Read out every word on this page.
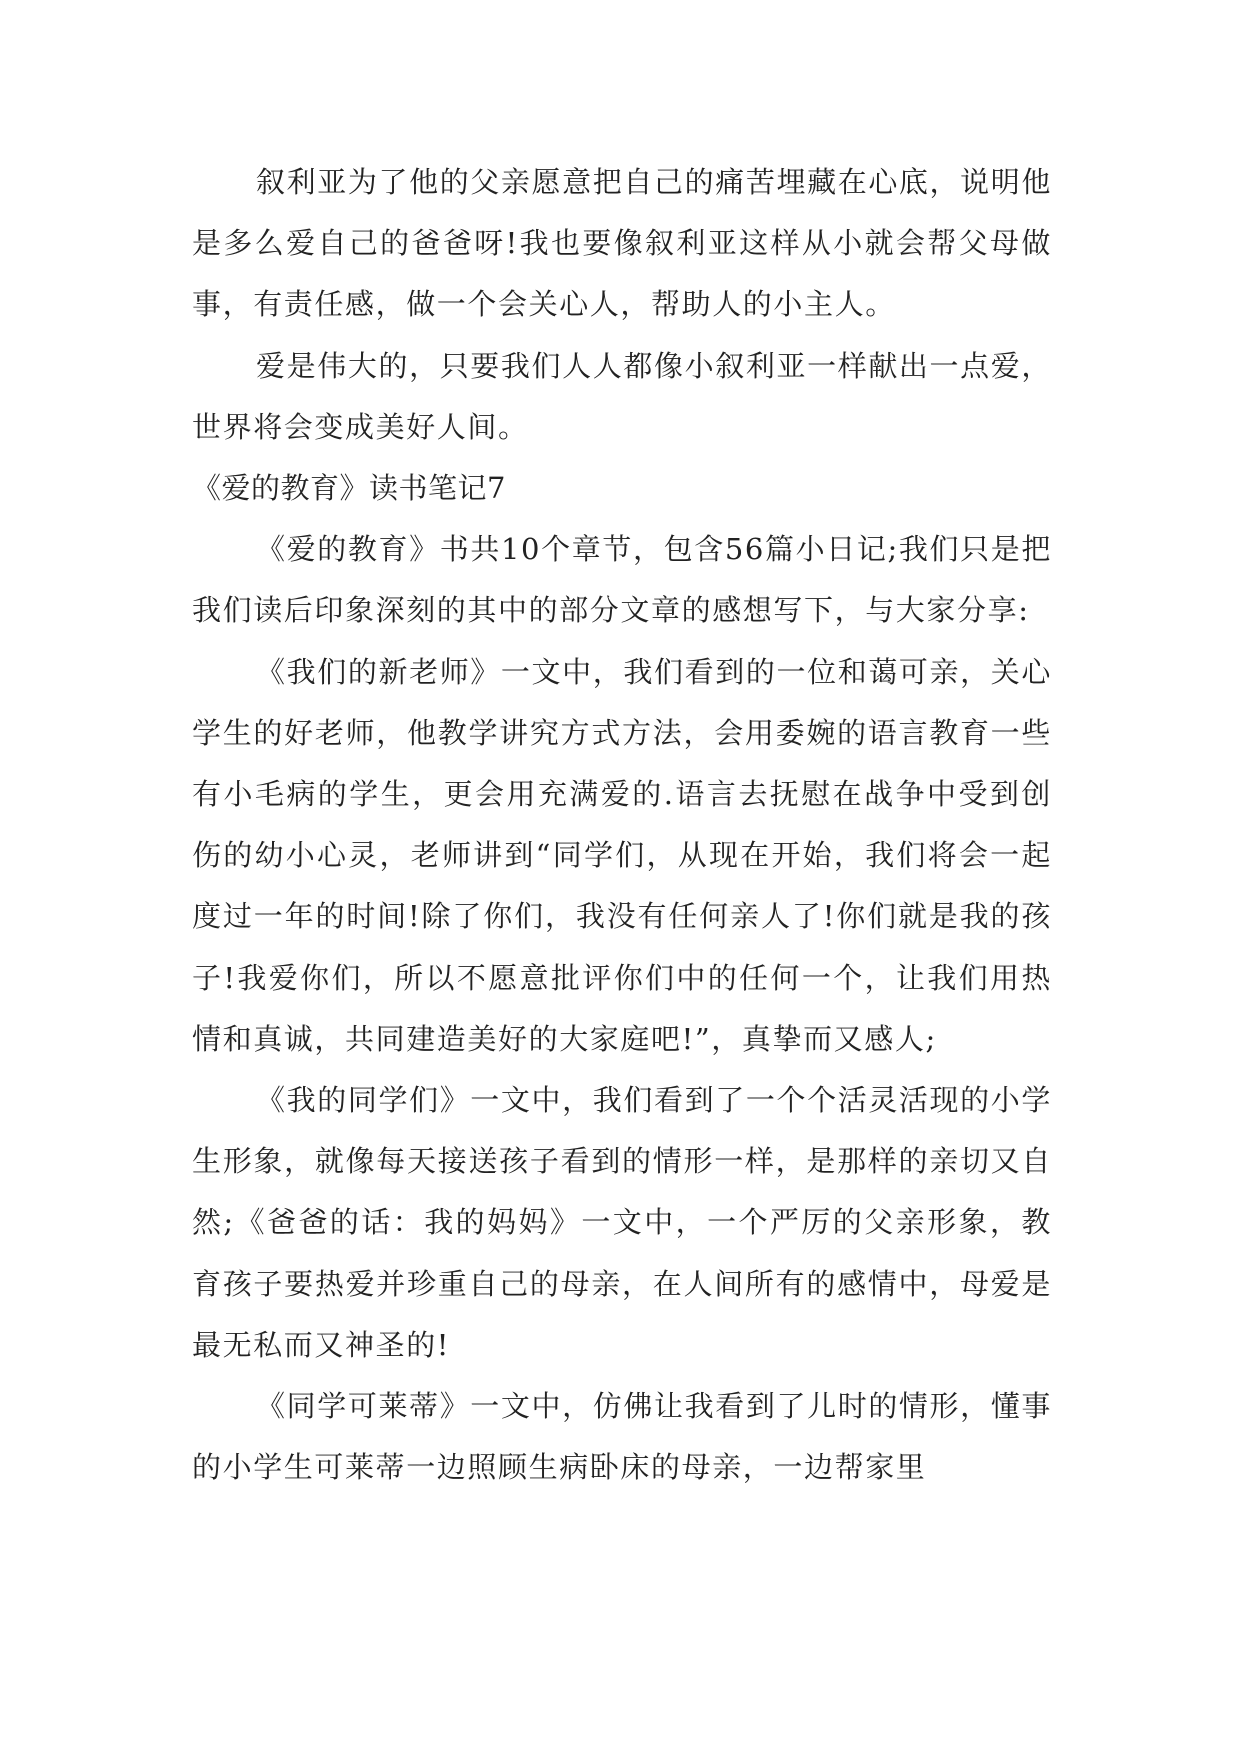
叙利亚为了他的父亲愿意把自己的痛苦埋藏在心底，说明他是多么爱自己的爸爸呀!我也要像叙利亚这样从小就会帮父母做事，有责任感，做一个会关心人，帮助人的小主人。

爱是伟大的，只要我们人人都像小叙利亚一样献出一点爱，世界将会变成美好人间。

《爱的教育》读书笔记7

《爱的教育》书共10个章节，包含56篇小日记;我们只是把我们读后印象深刻的其中的部分文章的感想写下，与大家分享:

《我们的新老师》一文中，我们看到的一位和蔼可亲，关心学生的好老师，他教学讲究方式方法，会用委婉的语言教育一些有小毛病的学生，更会用充满爱的.语言去抚慰在战争中受到创伤的幼小心灵，老师讲到“同学们，从现在开始，我们将会一起度过一年的时间!除了你们，我没有任何亲人了!你们就是我的孩子!我爱你们，所以不愿意批评你们中的任何一个，让我们用热情和真诚，共同建造美好的大家庭吧!”，真挚而又感人;

《我的同学们》一文中，我们看到了一个个活灵活现的小学生形象，就像每天接送孩子看到的情形一样，是那样的亲切又自然;《爸爸的话：我的妈妈》一文中，一个严厉的父亲形象，教育孩子要热爱并珍重自己的母亲，在人间所有的感情中，母爱是最无私而又神圣的!

《同学可莱蒂》一文中，仿佛让我看到了儿时的情形，懂事的小学生可莱蒂一边照顾生病卧床的母亲，一边帮家里
